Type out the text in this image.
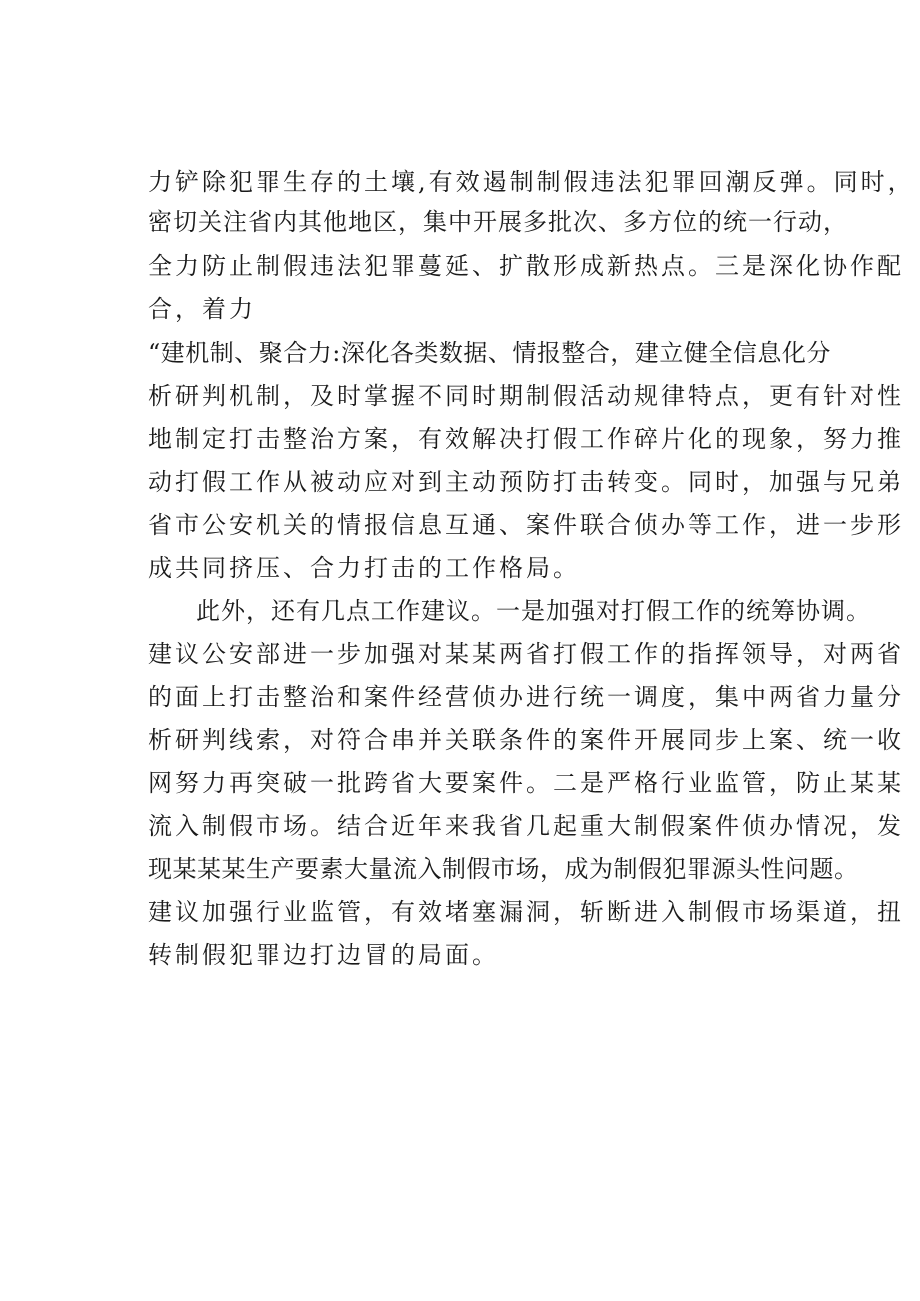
力铲除犯罪生存的土壤,有效遏制制假违法犯罪回潮反弹。同时，
密切关注省内其他地区，集中开展多批次、多方位的统一行动，
全力防止制假违法犯罪蔓延、扩散形成新热点。三是深化协作配
合，着力
“建机制、聚合力:深化各类数据、情报整合，建立健全信息化分
析研判机制，及时掌握不同时期制假活动规律特点，更有针对性
地制定打击整治方案，有效解决打假工作碎片化的现象，努力推
动打假工作从被动应对到主动预防打击转变。同时，加强与兄弟
省市公安机关的情报信息互通、案件联合侦办等工作，进一步形
成共同挤压、合力打击的工作格局。
此外，还有几点工作建议。一是加强对打假工作的统筹协调。
建议公安部进一步加强对某某两省打假工作的指挥领导，对两省
的面上打击整治和案件经营侦办进行统一调度，集中两省力量分
析研判线索，对符合串并关联条件的案件开展同步上案、统一收
网努力再突破一批跨省大要案件。二是严格行业监管，防止某某
流入制假市场。结合近年来我省几起重大制假案件侦办情况，发
现某某某生产要素大量流入制假市场，成为制假犯罪源头性问题。
建议加强行业监管，有效堵塞漏洞，斩断进入制假市场渠道，扭
转制假犯罪边打边冒的局面。
